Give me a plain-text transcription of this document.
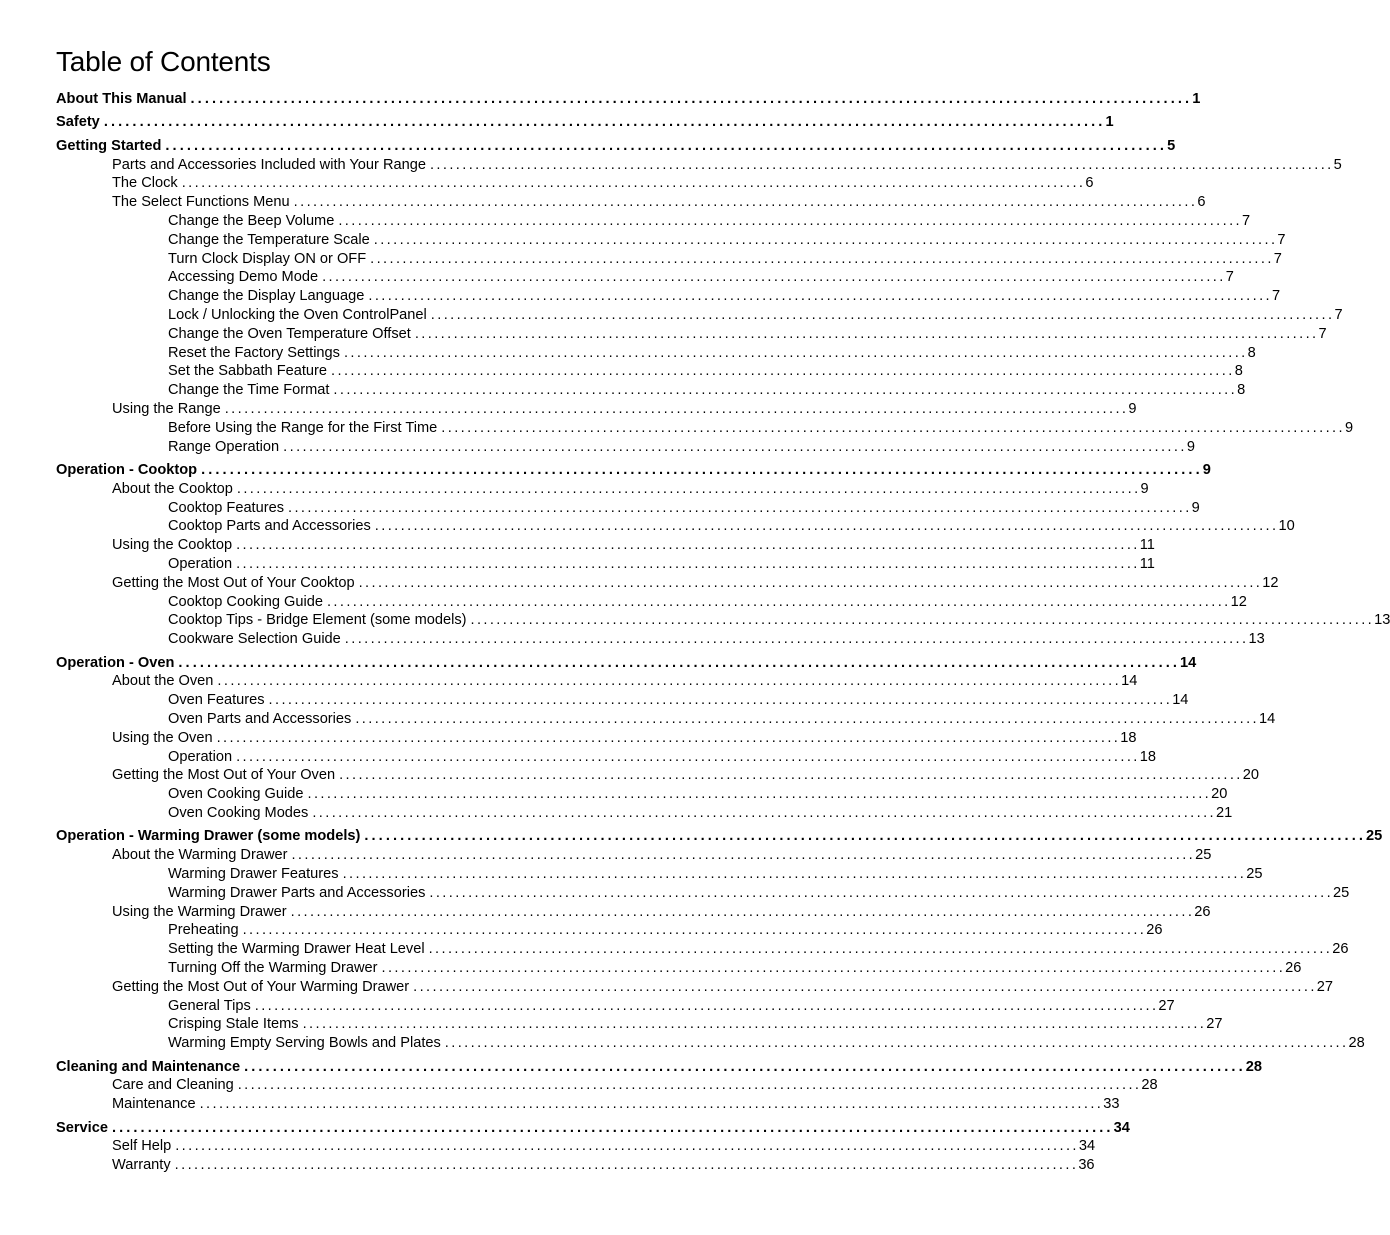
Table of Contents
About This Manual ............................................................................................................................................ 1
Safety ............................................................................................................................................ 1
Getting Started ............................................................................................................................................ 5
Parts and Accessories Included with Your Range ............................................................................................................................................ 5
The Clock ............................................................................................................................................ 6
The Select Functions Menu ............................................................................................................................................ 6
Change the Beep Volume ............................................................................................................................................ 7
Change the Temperature Scale ............................................................................................................................................ 7
Turn Clock Display ON or OFF ............................................................................................................................................ 7
Accessing Demo Mode ............................................................................................................................................ 7
Change the Display Language ............................................................................................................................................ 7
Lock / Unlocking the Oven ControlPanel ............................................................................................................................................ 7
Change the Oven Temperature Offset ............................................................................................................................................ 7
Reset the Factory Settings ............................................................................................................................................ 8
Set the Sabbath Feature ............................................................................................................................................ 8
Change the Time Format ............................................................................................................................................ 8
Using the Range ............................................................................................................................................ 9
Before Using the Range for the First Time ............................................................................................................................................ 9
Range Operation ............................................................................................................................................ 9
Operation - Cooktop ............................................................................................................................................ 9
About the Cooktop ............................................................................................................................................ 9
Cooktop Features ............................................................................................................................................ 9
Cooktop Parts and Accessories ............................................................................................................................................ 10
Using the Cooktop ............................................................................................................................................ 11
Operation ............................................................................................................................................ 11
Getting the Most Out of Your Cooktop ............................................................................................................................................ 12
Cooktop Cooking Guide ............................................................................................................................................ 12
Cooktop Tips - Bridge Element (some models) ............................................................................................................................................ 13
Cookware Selection Guide ............................................................................................................................................ 13
Operation - Oven ............................................................................................................................................ 14
About the Oven ............................................................................................................................................ 14
Oven Features ............................................................................................................................................ 14
Oven Parts and Accessories ............................................................................................................................................ 14
Using the Oven ............................................................................................................................................ 18
Operation ............................................................................................................................................ 18
Getting the Most Out of Your Oven ............................................................................................................................................ 20
Oven Cooking Guide ............................................................................................................................................ 20
Oven Cooking Modes ............................................................................................................................................ 21
Operation - Warming Drawer (some models) ............................................................................................................................................ 25
About the Warming Drawer ............................................................................................................................................ 25
Warming Drawer Features ............................................................................................................................................ 25
Warming Drawer Parts and Accessories ............................................................................................................................................ 25
Using the Warming Drawer ............................................................................................................................................ 26
Preheating ............................................................................................................................................ 26
Setting the Warming Drawer Heat Level ............................................................................................................................................ 26
Turning Off the Warming Drawer ............................................................................................................................................ 26
Getting the Most Out of Your Warming Drawer ............................................................................................................................................ 27
General Tips ............................................................................................................................................ 27
Crisping Stale Items ............................................................................................................................................ 27
Warming Empty Serving Bowls and Plates ............................................................................................................................................ 28
Cleaning and Maintenance ............................................................................................................................................ 28
Care and Cleaning ............................................................................................................................................ 28
Maintenance ............................................................................................................................................ 33
Service ............................................................................................................................................ 34
Self Help ............................................................................................................................................ 34
Warranty ............................................................................................................................................ 36
